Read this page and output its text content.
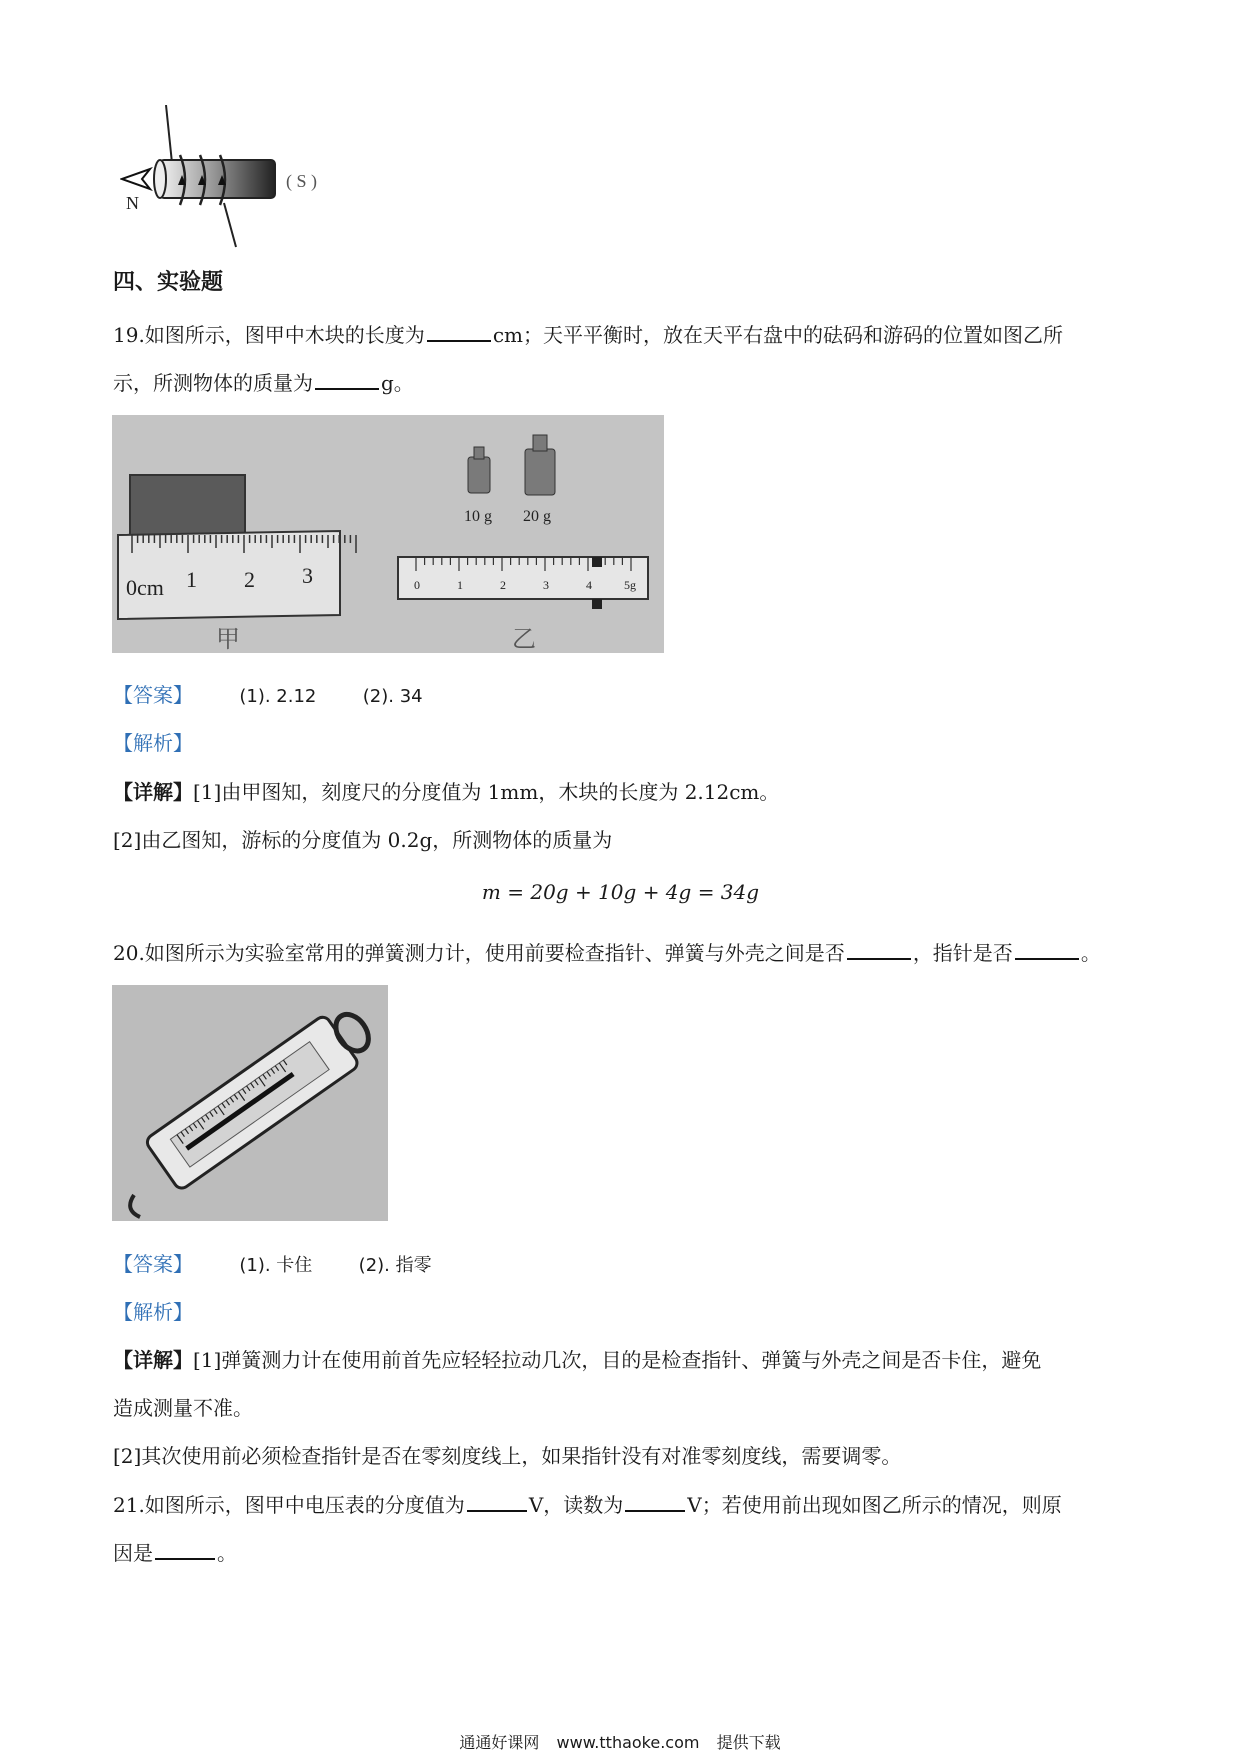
N
( S )
四、实验题
19.如图所示，图甲中木块的长度为	cm；天平平衡时，放在天平右盘中的砝码和游码的位置如图乙所
示，所测物体的质量为	g。
0cm 1 2 3
甲
10 g 20 g
0	1	2	3	4	5g
乙
【答案】	(1). 2.12	(2). 34
【解析】
【详解】[1]由甲图知，刻度尺的分度值为 1mm，木块的长度为 2.12cm。
[2]由乙图知，游标的分度值为 0.2g，所测物体的质量为
m = 20g + 10g + 4g = 34g
20.如图所示为实验室常用的弹簧测力计，使用前要检查指针、弹簧与外壳之间是否	，指针是否	。
【答案】	(1). 卡住	(2). 指零
【解析】
【详解】[1]弹簧测力计在使用前首先应轻轻拉动几次，目的是检查指针、弹簧与外壳之间是否卡住，避免
造成测量不准。
[2]其次使用前必须检查指针是否在零刻度线上，如果指针没有对准零刻度线，需要调零。
21.如图所示，图甲中电压表的分度值为	V，读数为	V；若使用前出现如图乙所示的情况，则原
因是	。
通通好课网 www.tthaoke.com 提供下载
